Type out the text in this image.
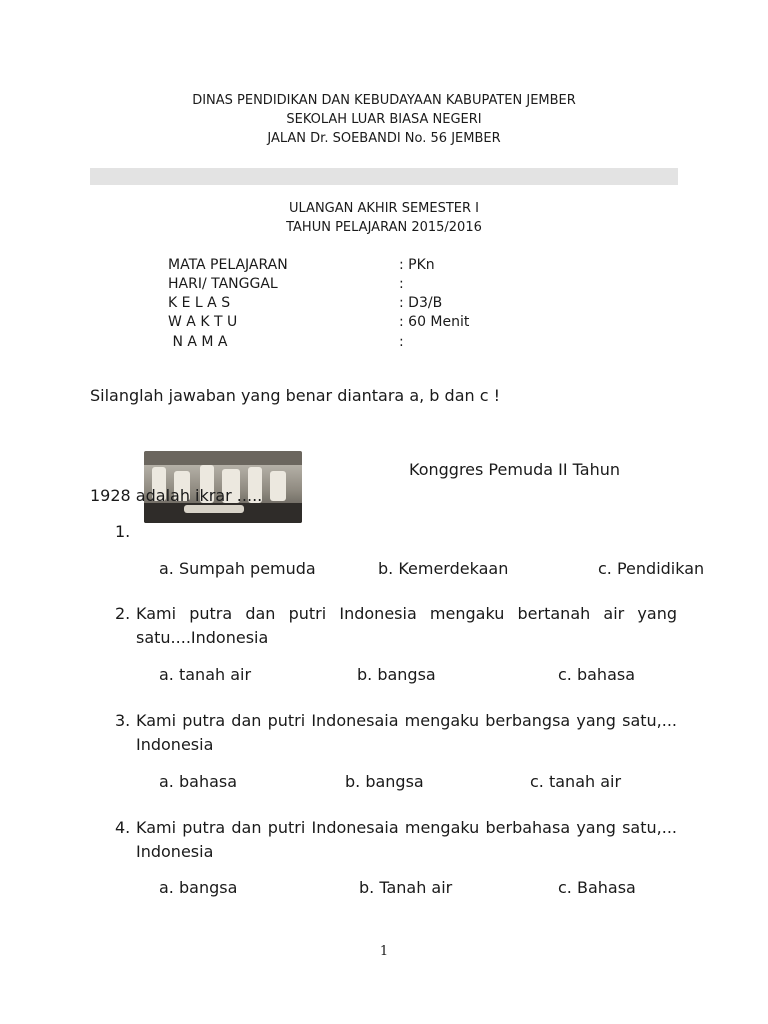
DINAS PENDIDIKAN DAN KEBUDAYAAN KABUPATEN JEMBER
SEKOLAH LUAR BIASA NEGERI
JALAN Dr. SOEBANDI No. 56 JEMBER
ULANGAN AKHIR SEMESTER I
TAHUN PELAJARAN 2015/2016
MATA PELAJARAN	: PKn
HARI/ TANGGAL	:
K E L A S	: D3/B
W A K T U	: 60 Menit
N A M A	:
Silanglah jawaban yang benar diantara a, b dan c !
Konggres Pemuda II Tahun
1928 adalah ikrar .....
1.
a. Sumpah pemuda	b. Kemerdekaan	c. Pendidikan
2. Kami putra dan putri Indonesia mengaku bertanah air yang satu....Indonesia
a. tanah air	b. bangsa	c. bahasa
3. Kami putra dan putri Indonesaia mengaku berbangsa yang satu,... Indonesia
a. bahasa	b. bangsa	c. tanah air
4. Kami putra dan putri Indonesaia mengaku berbahasa yang satu,... Indonesia
a. bangsa	b. Tanah air	c. Bahasa
1
